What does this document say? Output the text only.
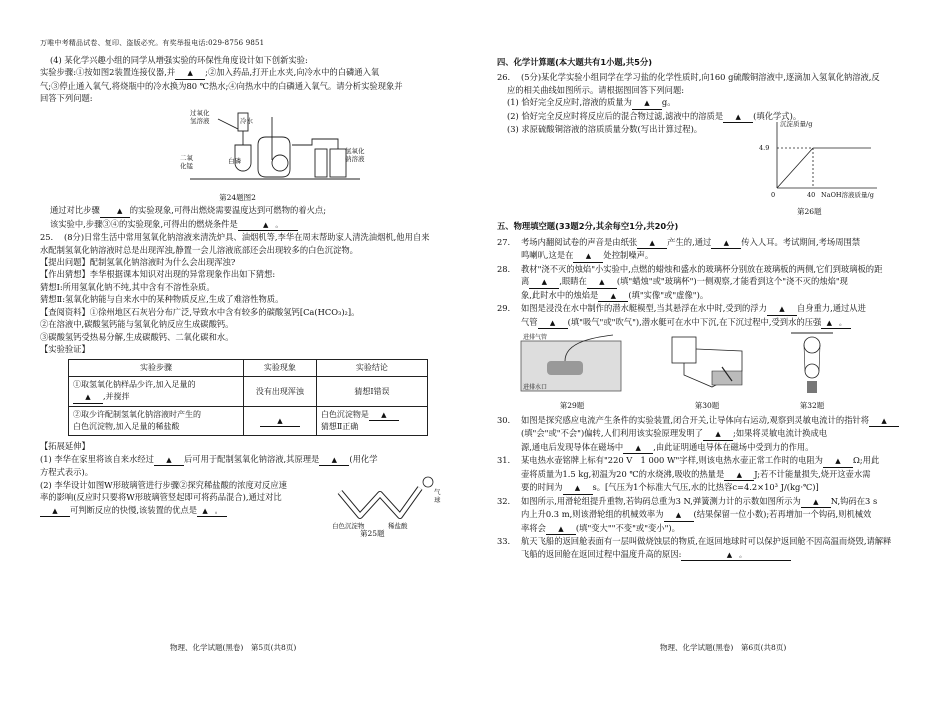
万唯中考精品试卷、复印、盗版必究。有奖举报电话:029-8756 9851

(4) 某化学兴趣小组的同学从增强实验的环保性角度设计如下创新实验:

实验步骤:①按如图2装置连接仪器,并 ▲ ;②加入药品,打开止水夹,向冷水中的白磷通入氧

气;③停止通入氧气,将烧瓶中的冷水换为80 ℃热水;④向热水中的白磷通入氧气。请分析实验现象并

回答下列问题:

过氧化
氢溶液
二氧
化锰
冷水
白磷
氢氧化
钠溶液

第24题图2

通过对比步骤 ▲ 的实验现象,可得出燃烧需要温度达到可燃物的着火点;

该实验中,步骤③④的实验现象,可得出的燃烧条件是	▲　。

25.	(8分)日常生活中常用氢氧化钠溶液来清洗炉具、油烟机等,李华在周末帮助家人清洗油烟机,他用自来

水配制氢氧化钠溶液时总是出现浑浊,静置一会儿溶液底部还会出现较多的白色沉淀物。

【提出问题】配制氢氧化钠溶液时为什么会出现浑浊?

【作出猜想】李华根据课本知识对出现的异常现象作出如下猜想:

猜想Ⅰ:所用氢氧化钠不纯,其中含有不溶性杂质。

猜想Ⅱ:氢氧化钠能与自来水中的某种物质反应,生成了难溶性物质。

【查阅资料】①徐州地区石灰岩分布广泛,导致水中含有较多的碳酸氢钙[Ca(HCO₃)₂]。

②在溶液中,碳酸氢钙能与氢氧化钠反应生成碳酸钙。

③碳酸氢钙受热易分解,生成碳酸钙、二氧化碳和水。

【实验验证】

实验步骤	实验现象	实验结论
①取氢氧化钠样品少许,加入足量的
▲ ,并搅拌	没有出现浑浊	猜想Ⅰ错误
②取少许配制氢氧化钠溶液时产生的
白色沉淀物,加入足量的稀盐酸	▲	白色沉淀物是 ▲
猜想Ⅱ正确

【拓展延伸】

(1) 李华在家里将该自来水经过 ▲ 后可用于配制氢氧化钠溶液,其原理是 ▲ (用化学

方程式表示)。

(2) 李华设计如图W形玻璃管进行步骤②探究稀盐酸的浓度对反应速

率的影响(反应时只要将W形玻璃管竖起即可将药品混合),通过对比

▲ 可判断反应的快慢,该装置的优点是 ▲　。

白色沉淀物	稀盐酸
气
球

第25题

物理、化学试题(黑卷)　第5页(共8页)

四、化学计算题(本大题共有1小题,共5分)

26.	(5分)某化学实验小组同学在学习盐的化学性质时,向160 g硫酸铜溶液中,逐滴加入氢氧化钠溶液,反

应的相关曲线如图所示。请根据图回答下列问题:

(1) 恰好完全反应时,溶液的质量为 ▲ g。

(2) 恰好完全反应时将反应后的混合物过滤,滤液中的溶质是 ▲ (填化学式)。

(3) 求原硫酸铜溶液的溶质质量分数(写出计算过程)。	沉淀质量/g
4.9
0	40 NaOH溶液质量/g

第26题

五、物理填空题(33题2分,其余每空1分,共20分)

27.	考场内翻阅试卷的声音是由纸张 ▲ 产生的,通过 ▲ 传入人耳。考试期间,考场周围禁

鸣喇叭,这是在 ▲ 处控制噪声。

28.	教材"浇不灭的烛焰"小实验中,点燃的蜡烛和盛水的玻璃杯分别放在玻璃板的两侧,它们到玻璃板的距

离 ▲ ,眼睛在 ▲ (填"蜡烛"或"玻璃杯")一侧观察,才能看到这个"浇不灭的烛焰"现

象,此时水中的烛焰是 ▲ (填"实像"或"虚像")。

29.	如图是浸没在水中制作的潜水艇模型,当其悬浮在水中时,受到的浮力 ▲ 自身重力,通过从进

气管 ▲ (填"吸气"或"吹气"),潜水艇可在水中下沉,在下沉过程中,受到水的压强 ▲　。

进排气管
进排水口

第29题	第30题	第32题

30.	如图是探究感应电流产生条件的实验装置,闭合开关,让导体向右运动,观察到灵敏电流计的指针将 ▲

(填"会"或"不会")偏转,人们利用该实验原理发明了 ▲ ;如果将灵敏电流计换成电

源,通电后发现导体在磁场中 ▲ ,由此证明通电导体在磁场中受到力的作用。

31.	某电热水壶铭牌上标有"220 V　1 000 W"字样,则该电热水壶正常工作时的电阻为 ▲ Ω;用此

壶将质量为1.5 kg,初温为20 ℃的水烧沸,吸收的热量是 ▲ J;若不计能量损失,烧开这壶水需

要的时间为 ▲ s。[气压为1个标准大气压,水的比热容c=4.2×10³ J/(kg·℃)]

32.	如图所示,用滑轮组提升重物,若钩码总重为3 N,弹簧测力计的示数如图所示为 ▲ N,钩码在3 s

内上升0.3 m,则该滑轮组的机械效率为 ▲ (结果保留一位小数);若再增加一个钩码,则机械效

率将会 ▲ (填"变大""不变"或"变小")。

33.	航天飞船的返回舱表面有一层叫做烧蚀层的物质,在返回地球时可以保护返回舱不因高温而烧毁,请解释

飞船的返回舱在返回过程中温度升高的原因:	▲　。

物理、化学试题(黑卷)　第6页(共8页)
